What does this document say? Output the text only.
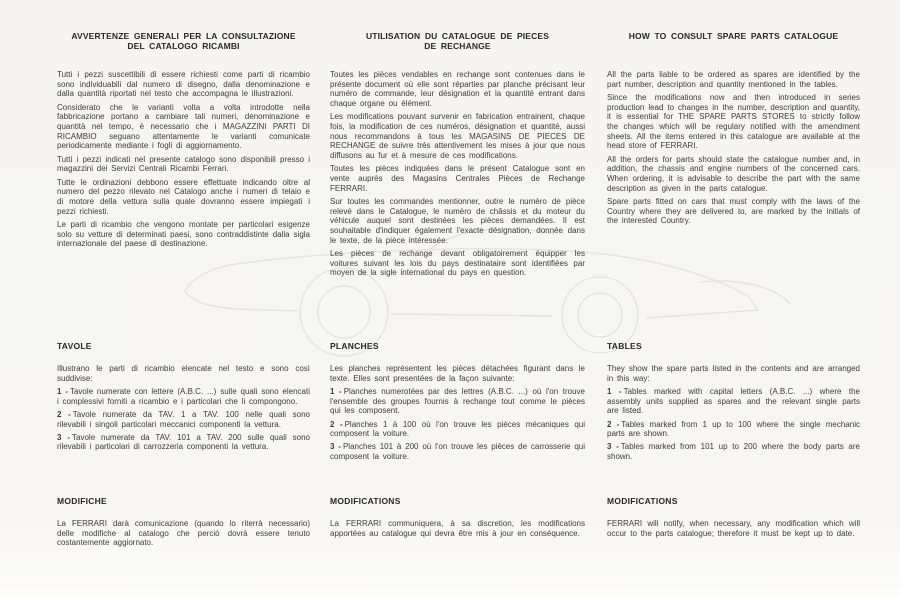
AVVERTENZE GENERALI PER LA CONSULTAZIONE
DEL CATALOGO RICAMBI

Tutti i pezzi suscettibili di essere richiesti come parti di ricambio sono individuabili dal numero di disegno, dalla denominazione e dalla quantità riportati nel testo che accompagna le illustrazioni.

Considerato che le varianti volta a volta introdotte nella fabbricazione portano a cambiare tali numeri, denominazione e quantità nel tempo, è necessario che i MAGAZZINI PARTI DI RICAMBIO seguano attentamente le varianti comunicate periodicamente mediante i fogli di aggiornamento.

Tutti i pezzi indicati nel presente catalogo sono disponibili presso i magazzini dei Servizi Centrali Ricambi Ferrari.

Tutte le ordinazioni debbono essere effettuate indicando oltre al numero del pezzo rilevato nel Catalogo anche i numeri di telaio e di motore della vettura sulla quale dovranno essere impiegati i pezzi richiesti.

Le parti di ricambio che vengono montate per particolari esigenze solo su vetture di determinati paesi, sono contraddistinte dalla sigla internazionale del paese di destinazione.

TAVOLE

Illustrano le parti di ricambio elencate nel testo e sono così suddivise:

1 - Tavole numerate con lettere (A.B.C. ...) sulle quali sono elencati i complessivi forniti a ricambio e i particolari che li compongono.

2 - Tavole numerate da TAV. 1 a TAV. 100 nelle quali sono rilevabili i singoli particolari meccanici componenti la vettura.

3 - Tavole numerate da TAV. 101 a TAV. 200 sulle quali sono rilevabili i particolari di carrozzeria componenti la vettura.

MODIFICHE

La FERRARI darà comunicazione (quando lo riterrà necessario) delle modifiche al catalogo che perciò dovrà essere tenuto costantemente aggiornato.

UTILISATION DU CATALOGUE DE PIECES
DE RECHANGE

Toutes les pièces vendables en rechange sont contenues dans le présente document où elle sont réparties par planche précisant leur numéro de commande, leur désignation et la quantité entrant dans chaque organe ou élément.

Les modifications pouvant survenir en fabrication entrainent, chaque fois, la modification de ces numéros, désignation et quantité, aussi nous recommandons à tous les MAGASINS DE PIECES DE RECHANGE de suivre trés attentivement les mises à jour que nous diffusons au fur et à mesure de ces modifications.

Toutes les pièces indiquées dans le présent Catalogue sont en vente auprès des Magasins Centrales Pièces de Rechange FERRARI.

Sur toutes les commandes mentionner, outre le numèro de pièce relevé dans le Catalogue, le numèro de châssis et du moteur du véhicule auquel sont destinées les pièces demandées. Il est souhaitable d'indiquer également l'exacte désignation, donnée dans le texte, de la pièce intéressée.

Les pièces de rechange devant obligatoirement équipper les voitures suivant les lois du pays destinataire sont identifiées par moyen de la sigle international du pays en question.

PLANCHES

Les planches représentent les pièces détachées figurant dans le texte. Elles sont presentées de la façon suivante:

1 - Planches numerotées par des lettres (A.B.C. ...) où l'on trouve l'ensemble des groupes fournis à rechange tout comme le pièces qui les composent.

2 - Planches 1 à 100 où l'on trouve les pièces mécaniques qui composent la voiture.

3 - Planches 101 à 200 où l'on trouve les pièces de carrosserie qui composent la voiture.

MODIFICATIONS

La FERRARI communiquera, à sa discretion, les modifications apportées au catalogue qui devra être mis à jour en conséquence.

HOW TO CONSULT SPARE PARTS CATALOGUE

All the parts liable to be ordered as spares are identified by the part number, description and quantity mentioned in the tables.

Since the modifications now and then introduced in series production lead to changes in the number, description and quantity, it is essential for THE SPARE PARTS STORES to strictly follow the changes which will be regulary notified with the amendment sheets. All the items entered in this catalogue are available at the head store of FERRARI.

All the orders for parts should state the catalogue number and, in addition, the chassis and engine numbers of the concerned cars. When ordering, it is advisable to describe the part with the same description as given in the parts catalogue.

Spare parts fitted on cars that must comply with the laws of the Country where they are delivered to, are marked by the initials of the interested Country.

TABLES

They show the spare parts listed in the contents and are arranged in this way:

1 - Tables marked with capital letters (A.B.C. ...) where the assembly units supplied as spares and the relevant single parts are listed.

2 - Tables marked from 1 up to 100 where the single mechanic parts are shown.

3 - Tables marked from 101 up to 200 where the body parts are shown.

MODIFICATIONS

FERRARI will notify, when necessary, any modification which will occur to the parts catalogue; therefore it must be kept up to date.
